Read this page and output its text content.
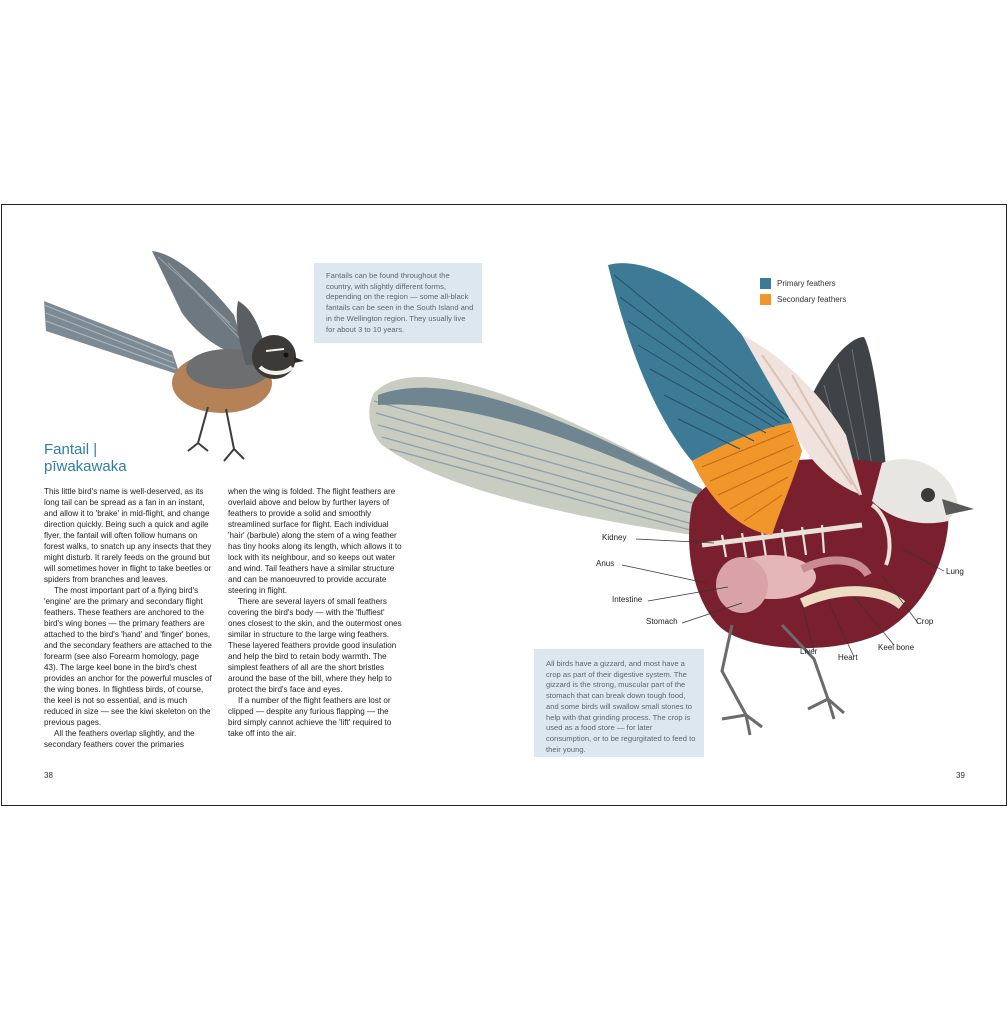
Primary feathers
Secondary feathers
Kidney
Anus
Intestine
Stomach
Liver
Heart
Keel bone
Crop
Lung
Fantails can be found throughout the country, with slightly different forms, depending on the region — some all-black fantails can be seen in the South Island and in the Wellington region. They usually live for about 3 to 10 years.
All birds have a gizzard, and most have a crop as part of their digestive system. The gizzard is the strong, muscular part of the stomach that can break down tough food, and some birds will swallow small stones to help with that grinding process. The crop is used as a food store — for later consumption, or to be regurgitated to feed to their young.
Fantail |
pīwakawaka

This little bird's name is well-deserved, as its long tail can be spread as a fan in an instant, and allow it to 'brake' in mid-flight, and change direction quickly. Being such a quick and agile flyer, the fantail will often follow humans on forest walks, to snatch up any insects that they might disturb. It rarely feeds on the ground but will sometimes hover in flight to take beetles or spiders from branches and leaves.

The most important part of a flying bird's 'engine' are the primary and secondary flight feathers. These feathers are anchored to the bird's wing bones — the primary feathers are attached to the bird's 'hand' and 'finger' bones, and the secondary feathers are attached to the forearm (see also Forearm homology, page 43). The large keel bone in the bird's chest provides an anchor for the powerful muscles of the wing bones. In flightless birds, of course, the keel is not so essential, and is much reduced in size — see the kiwi skeleton on the previous pages.

All the feathers overlap slightly, and the secondary feathers cover the primaries

when the wing is folded. The flight feathers are overlaid above and below by further layers of feathers to provide a solid and smoothly streamlined surface for flight. Each individual 'hair' (barbule) along the stem of a wing feather has tiny hooks along its length, which allows it to lock with its neighbour, and so keeps out water and wind. Tail feathers have a similar structure and can be manoeuvred to provide accurate steering in flight.

There are several layers of small feathers covering the bird's body — with the 'fluffiest' ones closest to the skin, and the outermost ones similar in structure to the large wing feathers. These layered feathers provide good insulation and help the bird to retain body warmth. The simplest feathers of all are the short bristles around the base of the bill, where they help to protect the bird's face and eyes.

If a number of the flight feathers are lost or clipped — despite any furious flapping — the bird simply cannot achieve the 'lift' required to take off into the air.

38	39
